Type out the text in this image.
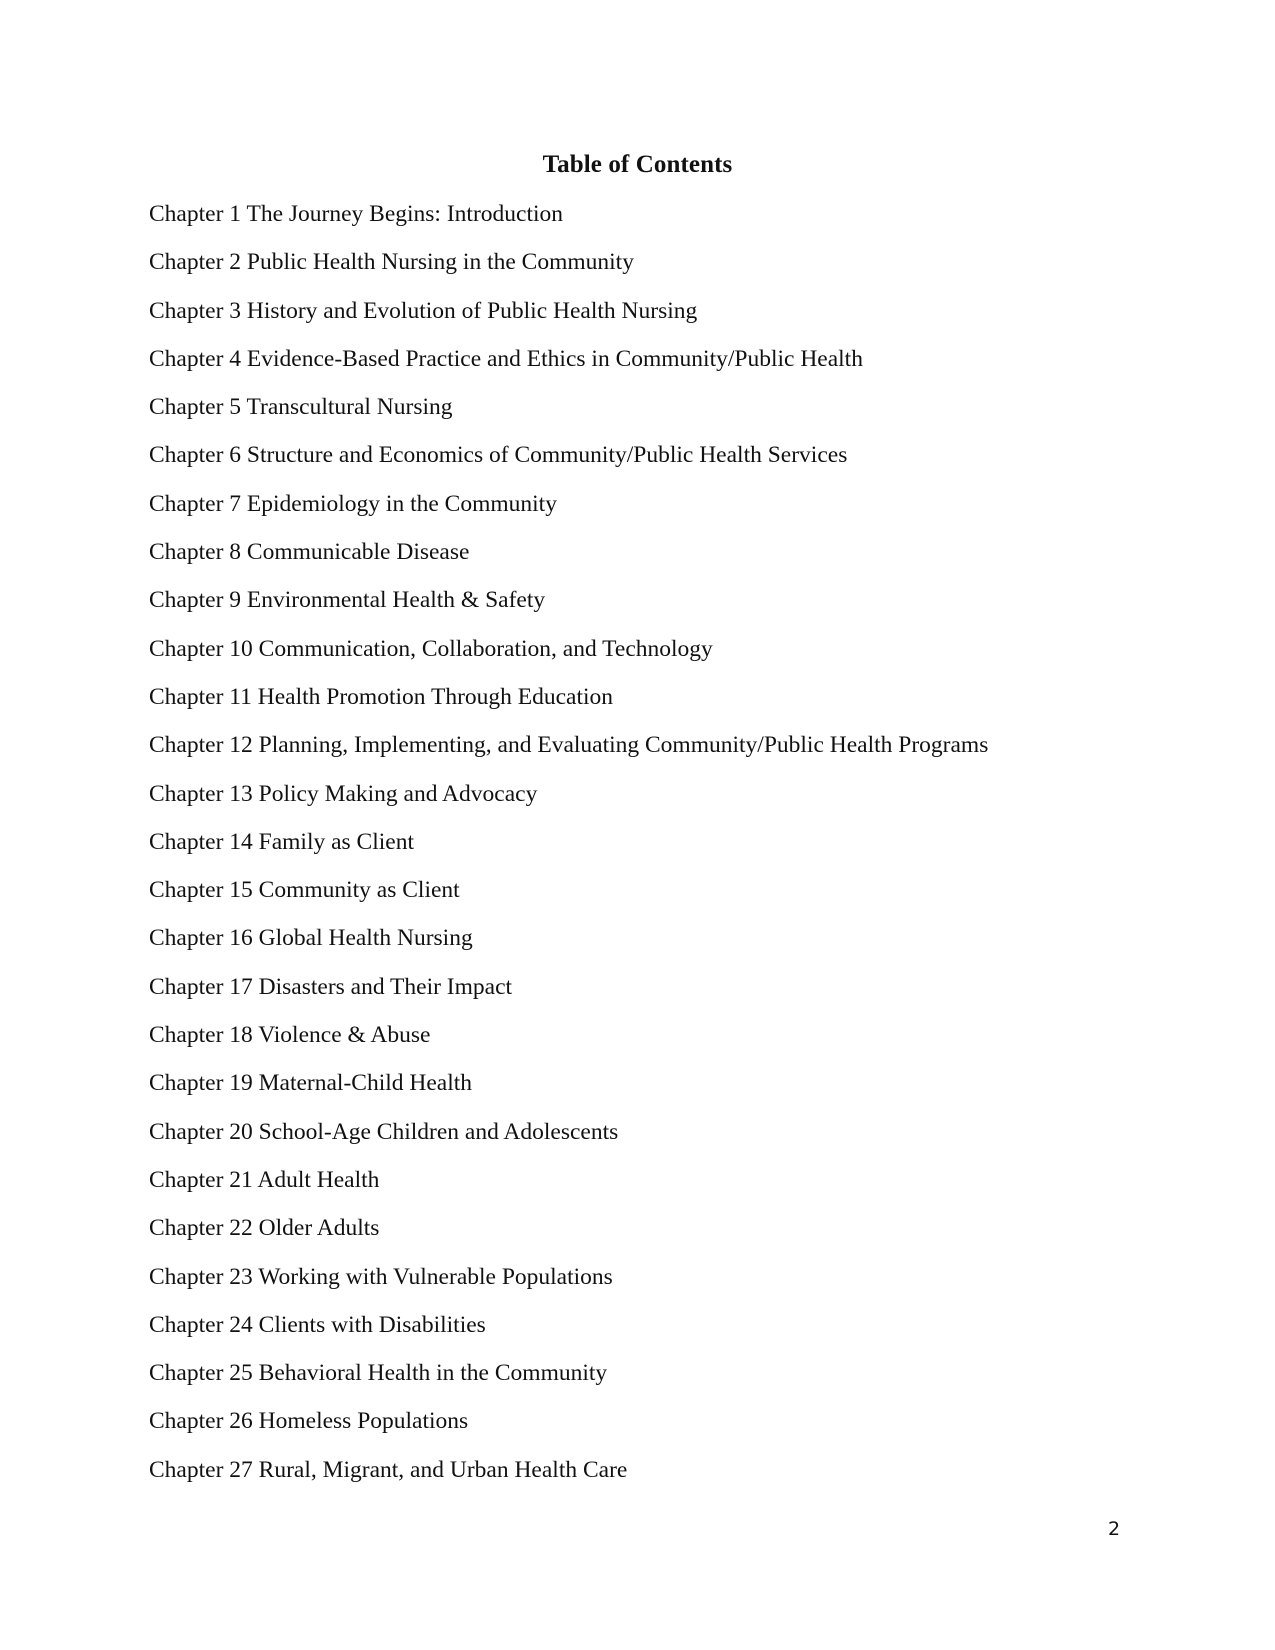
Table of Contents
Chapter 1 The Journey Begins: Introduction
Chapter 2 Public Health Nursing in the Community
Chapter 3 History and Evolution of Public Health Nursing
Chapter 4 Evidence-Based Practice and Ethics in Community/Public Health
Chapter 5 Transcultural Nursing
Chapter 6 Structure and Economics of Community/Public Health Services
Chapter 7 Epidemiology in the Community
Chapter 8 Communicable Disease
Chapter 9 Environmental Health & Safety
Chapter 10 Communication, Collaboration, and Technology
Chapter 11 Health Promotion Through Education
Chapter 12 Planning, Implementing, and Evaluating Community/Public Health Programs
Chapter 13 Policy Making and Advocacy
Chapter 14 Family as Client
Chapter 15 Community as Client
Chapter 16 Global Health Nursing
Chapter 17 Disasters and Their Impact
Chapter 18 Violence & Abuse
Chapter 19 Maternal-Child Health
Chapter 20 School-Age Children and Adolescents
Chapter 21 Adult Health
Chapter 22 Older Adults
Chapter 23 Working with Vulnerable Populations
Chapter 24 Clients with Disabilities
Chapter 25 Behavioral Health in the Community
Chapter 26 Homeless Populations
Chapter 27 Rural, Migrant, and Urban Health Care
2
